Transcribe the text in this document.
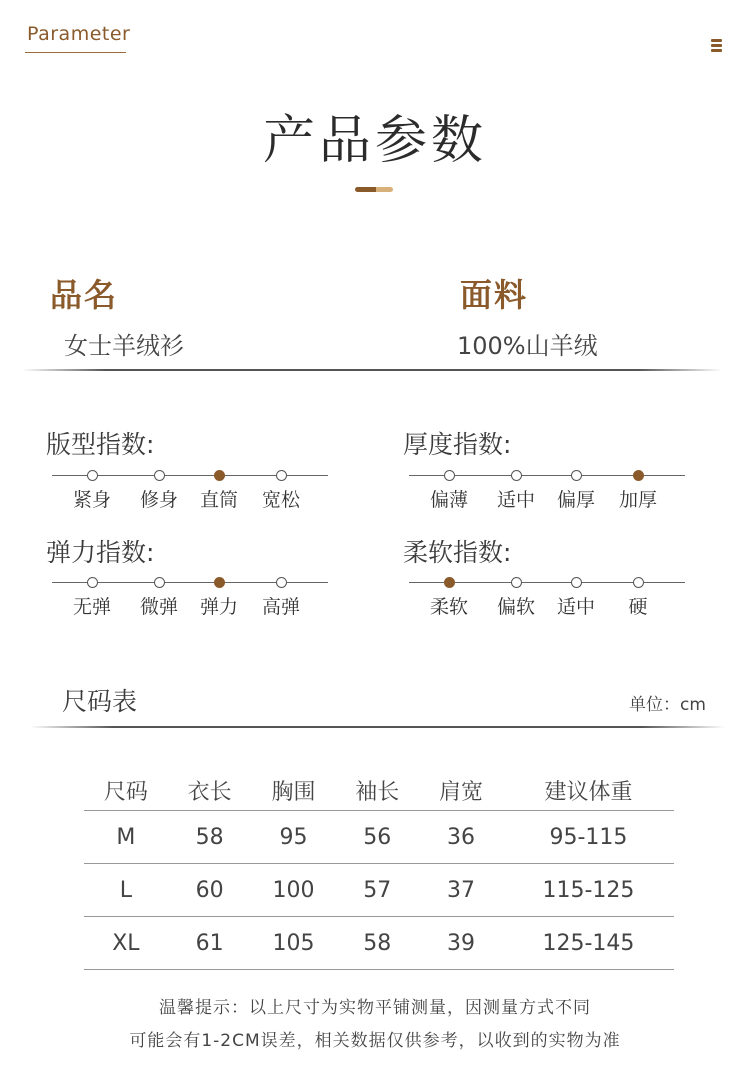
Parameter
产品参数
品名
女士羊绒衫
面料
100%山羊绒
版型指数:
紧身 修身 直筒 宽松
厚度指数:
偏薄 适中 偏厚 加厚
弹力指数:
无弹 微弹 弹力 高弹
柔软指数:
柔软 偏软 适中 硬
尺码表	单位：cm
尺码	衣长	胸围	袖长	肩宽	建议体重
M	58	95	56	36	95-115
L	60	100	57	37	115-125
XL	61	105	58	39	125-145
温馨提示：以上尺寸为实物平铺测量，因测量方式不同
可能会有1-2CM误差，相关数据仅供参考，以收到的实物为准
